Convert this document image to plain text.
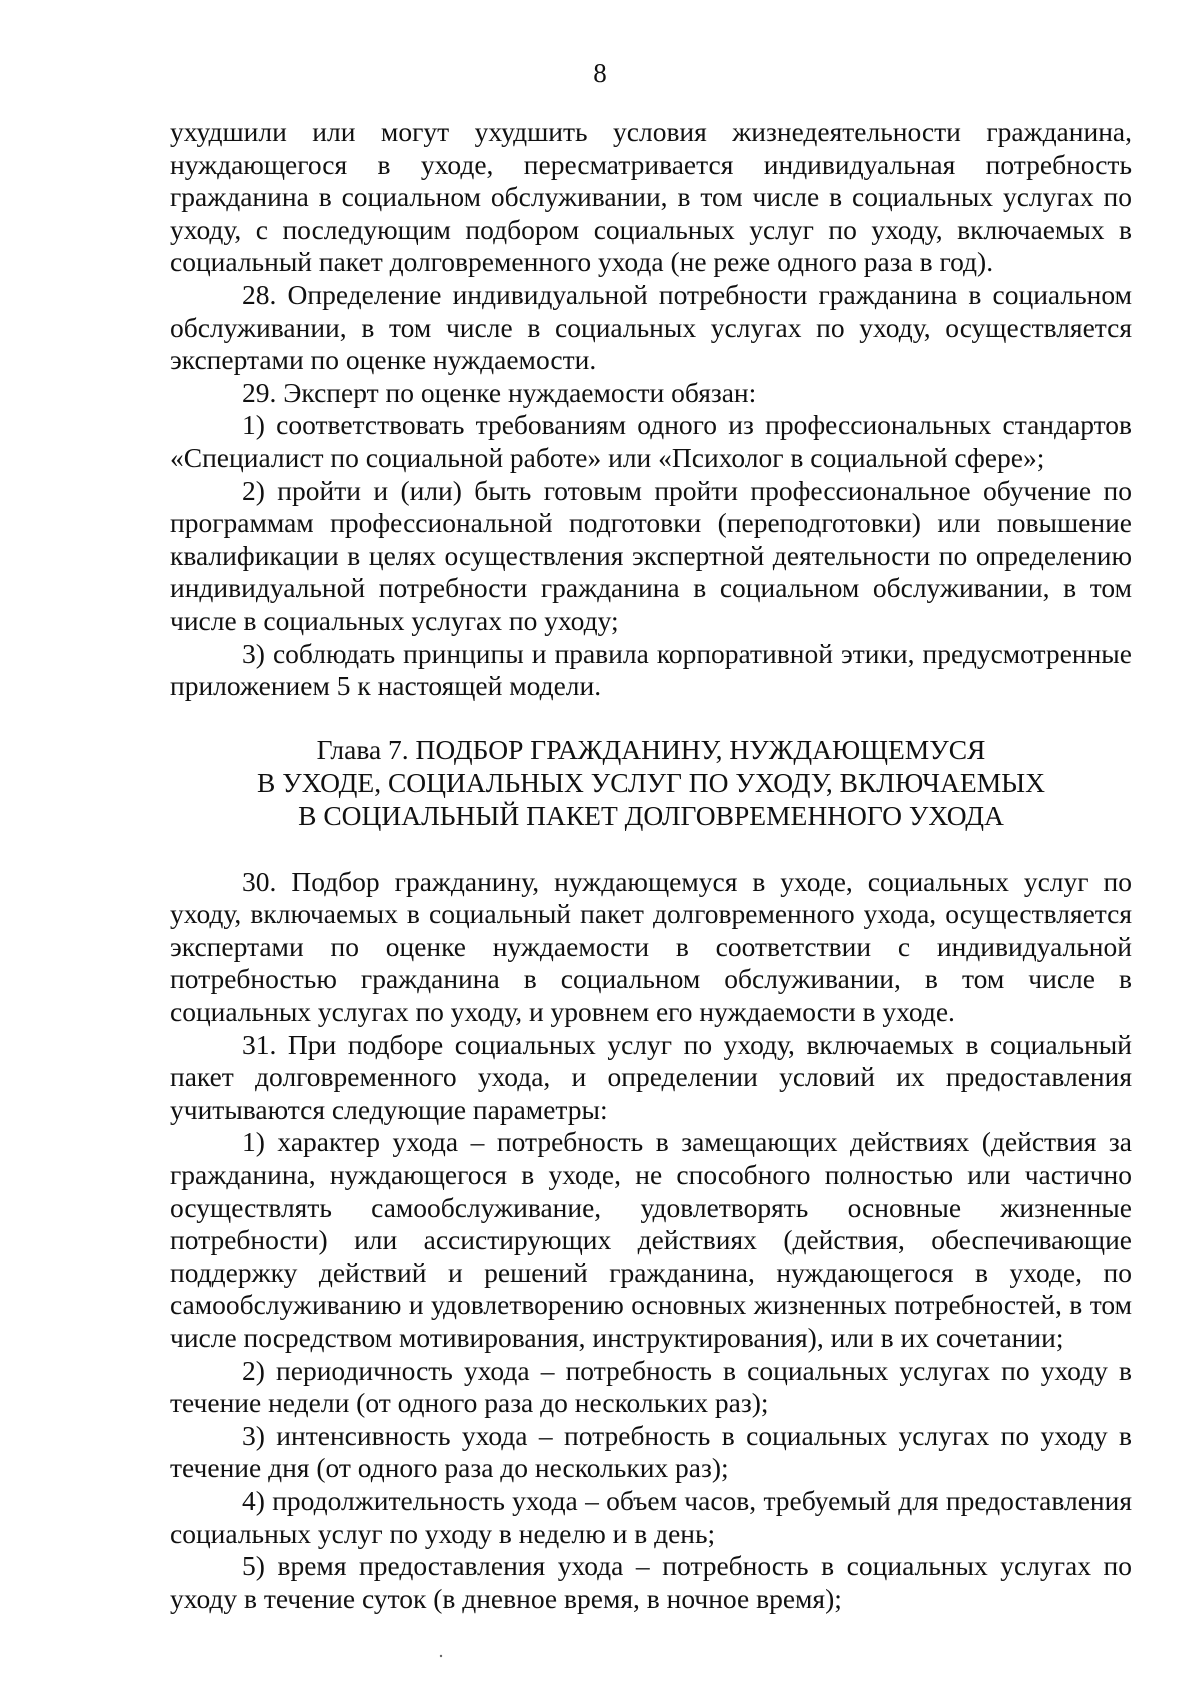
8

ухудшили или могут ухудшить условия жизнедеятельности гражданина, нуждающегося в уходе, пересматривается индивидуальная потребность гражданина в социальном обслуживании, в том числе в социальных услугах по уходу, с последующим подбором социальных услуг по уходу, включаемых в социальный пакет долговременного ухода (не реже одного раза в год).

28. Определение индивидуальной потребности гражданина в социальном обслуживании, в том числе в социальных услугах по уходу, осуществляется экспертами по оценке нуждаемости.

29. Эксперт по оценке нуждаемости обязан:

1) соответствовать требованиям одного из профессиональных стандартов «Специалист по социальной работе» или «Психолог в социальной сфере»;

2) пройти и (или) быть готовым пройти профессиональное обучение по программам профессиональной подготовки (переподготовки) или повышение квалификации в целях осуществления экспертной деятельности по определению индивидуальной потребности гражданина в социальном обслуживании, в том числе в социальных услугах по уходу;

3) соблюдать принципы и правила корпоративной этики, предусмотренные приложением 5 к настоящей модели.

Глава 7. ПОДБОР ГРАЖДАНИНУ, НУЖДАЮЩЕМУСЯ
В УХОДЕ, СОЦИАЛЬНЫХ УСЛУГ ПО УХОДУ, ВКЛЮЧАЕМЫХ
В СОЦИАЛЬНЫЙ ПАКЕТ ДОЛГОВРЕМЕННОГО УХОДА

30. Подбор гражданину, нуждающемуся в уходе, социальных услуг по уходу, включаемых в социальный пакет долговременного ухода, осуществляется экспертами по оценке нуждаемости в соответствии с индивидуальной потребностью гражданина в социальном обслуживании, в том числе в социальных услугах по уходу, и уровнем его нуждаемости в уходе.

31. При подборе социальных услуг по уходу, включаемых в социальный пакет долговременного ухода, и определении условий их предоставления учитываются следующие параметры:

1) характер ухода – потребность в замещающих действиях (действия за гражданина, нуждающегося в уходе, не способного полностью или частично осуществлять самообслуживание, удовлетворять основные жизненные потребности) или ассистирующих действиях (действия, обеспечивающие поддержку действий и решений гражданина, нуждающегося в уходе, по самообслуживанию и удовлетворению основных жизненных потребностей, в том числе посредством мотивирования, инструктирования), или в их сочетании;

2) периодичность ухода – потребность в социальных услугах по уходу в течение недели (от одного раза до нескольких раз);

3) интенсивность ухода – потребность в социальных услугах по уходу в течение дня (от одного раза до нескольких раз);

4) продолжительность ухода – объем часов, требуемый для предоставления социальных услуг по уходу в неделю и в день;

5) время предоставления ухода – потребность в социальных услугах по уходу в течение суток (в дневное время, в ночное время);
